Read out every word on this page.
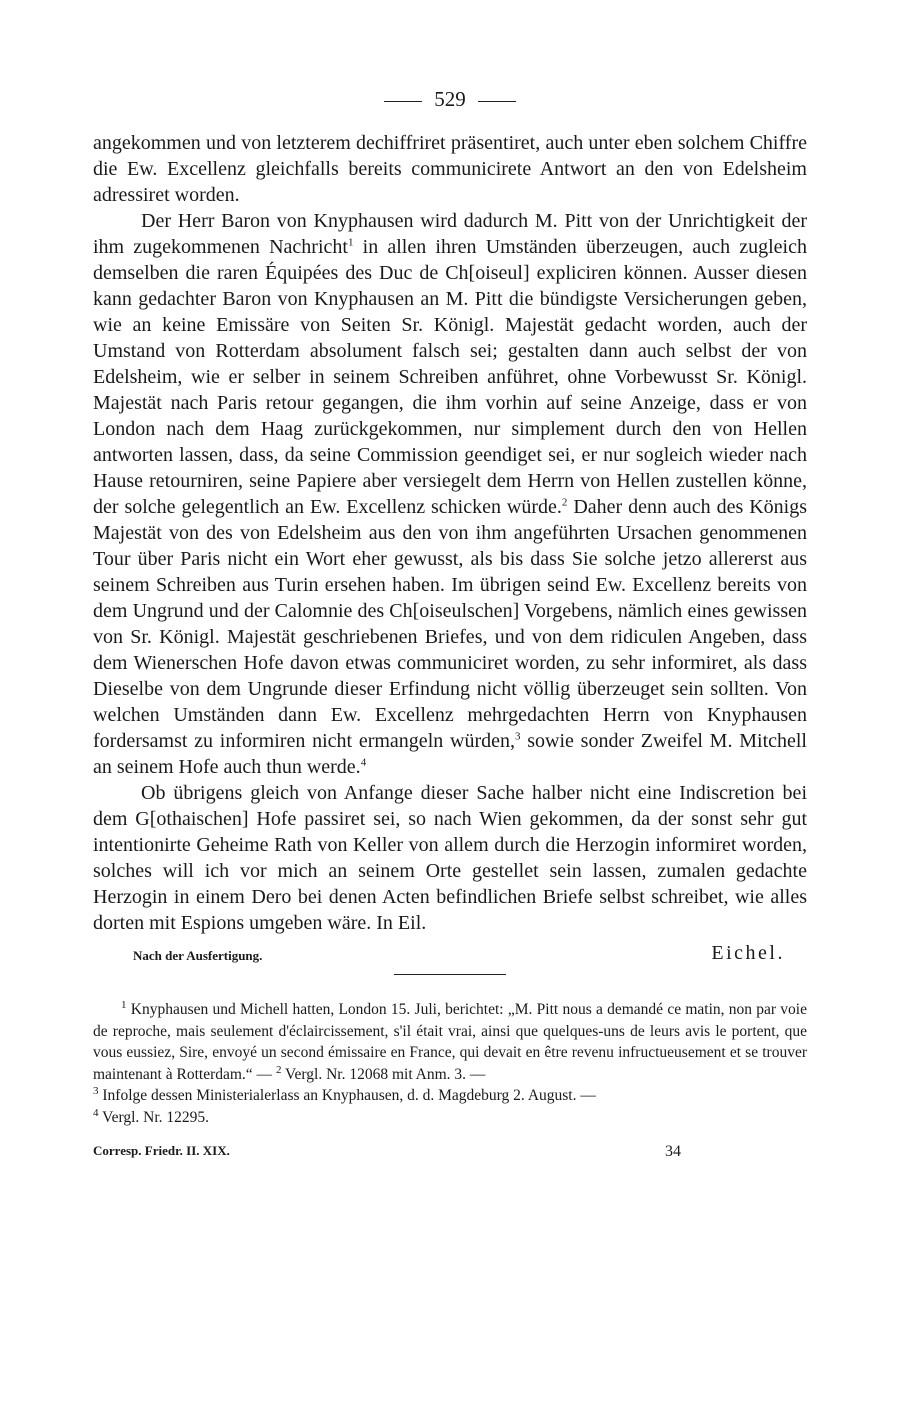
529

angekommen und von letzterem dechiffriret präsentiret, auch unter eben solchem Chiffre die Ew. Excellenz gleichfalls bereits communicirete Antwort an den von Edelsheim adressiret worden.

Der Herr Baron von Knyphausen wird dadurch M. Pitt von der Unrichtigkeit der ihm zugekommenen Nachricht$^1$ in allen ihren Umständen überzeugen, auch zugleich demselben die raren Équipées des Duc de Ch[oiseul] expliciren können. Ausser diesen kann gedachter Baron von Knyphausen an M. Pitt die bündigste Versicherungen geben, wie an keine Emissäre von Seiten Sr. Königl. Majestät gedacht worden, auch der Umstand von Rotterdam absolument falsch sei; gestalten dann auch selbst der von Edelsheim, wie er selber in seinem Schreiben anführet, ohne Vorbewusst Sr. Königl. Majestät nach Paris retour gegangen, die ihm vorhin auf seine Anzeige, dass er von London nach dem Haag zurückgekommen, nur simplement durch den von Hellen antworten lassen, dass, da seine Commission geendiget sei, er nur sogleich wieder nach Hause retourniren, seine Papiere aber versiegelt dem Herrn von Hellen zustellen könne, der solche gelegentlich an Ew. Excellenz schicken würde.$^2$ Daher denn auch des Königs Majestät von des von Edelsheim aus den von ihm angeführten Ursachen genommenen Tour über Paris nicht ein Wort eher gewusst, als bis dass Sie solche jetzo allererst aus seinem Schreiben aus Turin ersehen haben. Im übrigen seind Ew. Excellenz bereits von dem Ungrund und der Calomnie des Ch[oiseulschen] Vorgebens, nämlich eines gewissen von Sr. Königl. Majestät geschriebenen Briefes, und von dem ridiculen Angeben, dass dem Wienerschen Hofe davon etwas communiciret worden, zu sehr informiret, als dass Dieselbe von dem Ungrunde dieser Erfindung nicht völlig überzeuget sein sollten. Von welchen Umständen dann Ew. Excellenz mehrgedachten Herrn von Knyphausen fordersamst zu informiren nicht ermangeln würden,$^3$ sowie sonder Zweifel M. Mitchell an seinem Hofe auch thun werde.$^4$

Ob übrigens gleich von Anfange dieser Sache halber nicht eine Indiscretion bei dem G[othaischen] Hofe passiret sei, so nach Wien gekommen, da der sonst sehr gut intentionirte Geheime Rath von Keller von allem durch die Herzogin informiret worden, solches will ich vor mich an seinem Orte gestellet sein lassen, zumalen gedachte Herzogin in einem Dero bei denen Acten befindlichen Briefe selbst schreibet, wie alles dorten mit Espions umgeben wäre. In Eil.

Nach der Ausfertigung.	Eichel.

$^1$ Knyphausen und Michell hatten, London 15. Juli, berichtet: „M. Pitt nous a demandé ce matin, non par voie de reproche, mais seulement d'éclaircissement, s'il était vrai, ainsi que quelques-uns de leurs avis le portent, que vous eussiez, Sire, envoyé un second émissaire en France, qui devait en être revenu infructueusement et se trouver maintenant à Rotterdam.“ — $^2$ Vergl. Nr. 12068 mit Anm. 3. —

$^3$ Infolge dessen Ministerialerlass an Knyphausen, d. d. Magdeburg 2. August. —

$^4$ Vergl. Nr. 12295.

Corresp. Friedr. II. XIX.	34
